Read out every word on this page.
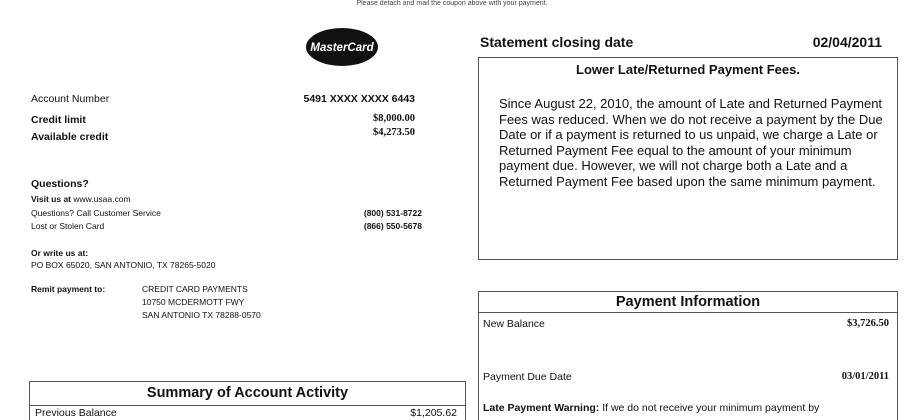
Please detach and mail the coupon above with your payment.
MasterCard
Account Number	5491 XXXX XXXX 6443
Credit limit	$8,000.00
Available credit	$4,273.50
Questions?
Visit us at www.usaa.com
Questions? Call Customer Service	(800) 531-8722
Lost or Stolen Card	(866) 550-5678
Or write us at:
PO BOX 65020, SAN ANTONIO, TX 78265-5020
Remit payment to:	CREDIT CARD PAYMENTS
10750 MCDERMOTT FWY
SAN ANTONIO TX 78288-0570
Summary of Account Activity
Previous Balance	$1,205.62
Statement closing date	02/04/2011
Lower Late/Returned Payment Fees.
Since August 22, 2010, the amount of Late and Returned Payment Fees was reduced. When we do not receive a payment by the Due Date or if a payment is returned to us unpaid, we charge a Late or Returned Payment Fee equal to the amount of your minimum payment due. However, we will not charge both a Late and a Returned Payment Fee based upon the same minimum payment.
Payment Information
New Balance	$3,726.50
Payment Due Date	03/01/2011
Late Payment Warning: If we do not receive your minimum payment by
